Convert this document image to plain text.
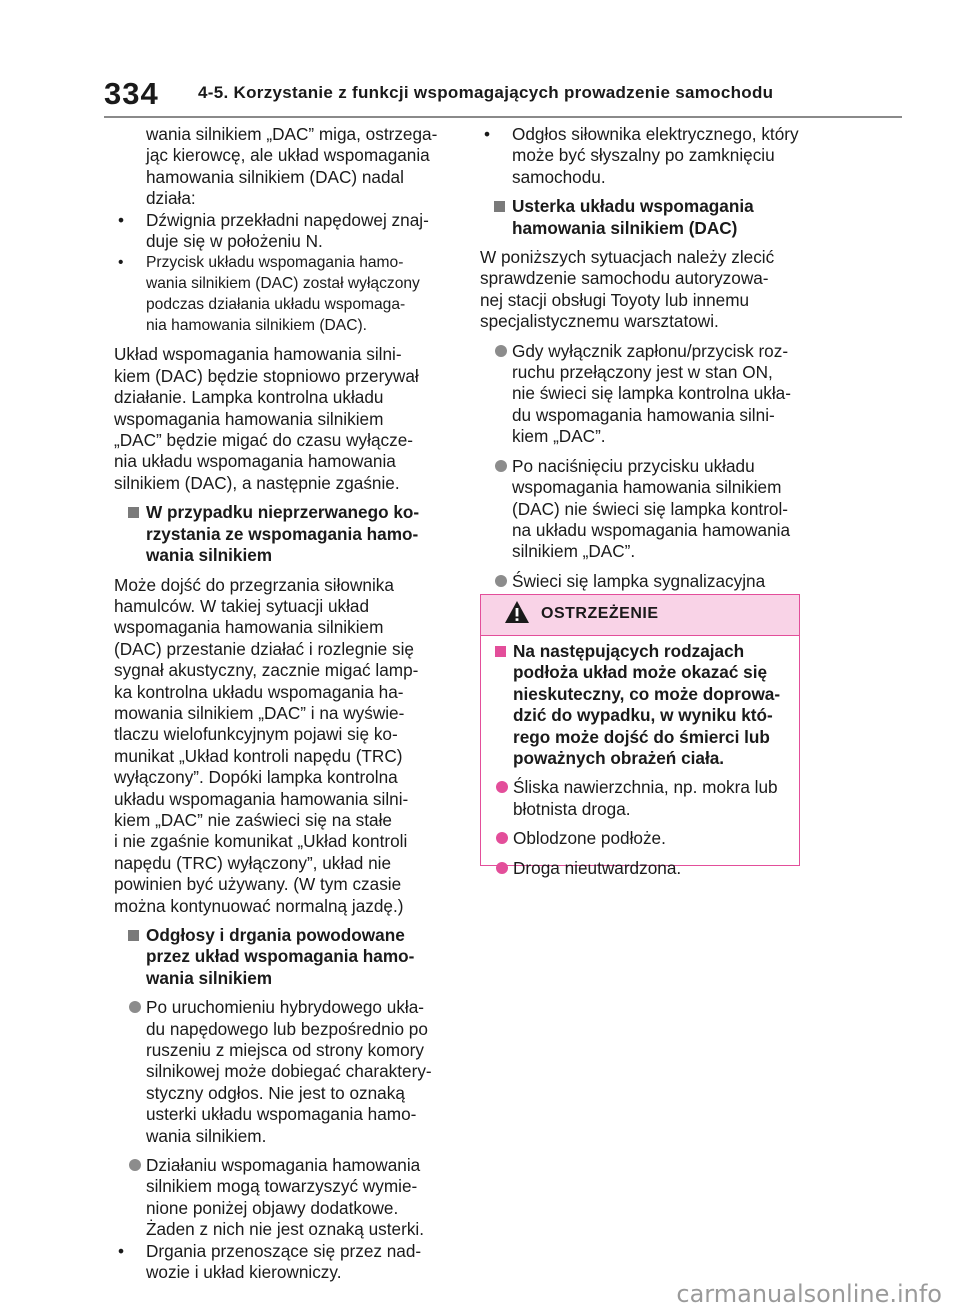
334 4-5. Korzystanie z funkcji wspomagających prowadzenie samochodu
wania silnikiem „DAC” miga, ostrzega-
jąc kierowcę, ale układ wspomagania
hamowania silnikiem (DAC) nadal
działa:
• Dźwignia przekładni napędowej znaj-
duje się w położeniu N.
• Przycisk układu wspomagania hamo-
wania silnikiem (DAC) został wyłączony
podczas działania układu wspomaga-
nia hamowania silnikiem (DAC).
Układ wspomagania hamowania silni-
kiem (DAC) będzie stopniowo przerywał
działanie. Lampka kontrolna układu
wspomagania hamowania silnikiem
„DAC” będzie migać do czasu wyłącze-
nia układu wspomagania hamowania
silnikiem (DAC), a następnie zgaśnie.
W przypadku nieprzerwanego ko-
rzystania ze wspomagania hamo-
wania silnikiem
Może dojść do przegrzania siłownika
hamulców. W takiej sytuacji układ
wspomagania hamowania silnikiem
(DAC) przestanie działać i rozlegnie się
sygnał akustyczny, zacznie migać lamp-
ka kontrolna układu wspomagania ha-
mowania silnikiem „DAC” i na wyświe-
tlaczu wielofunkcyjnym pojawi się ko-
munikat „Układ kontroli napędu (TRC)
wyłączony”. Dopóki lampka kontrolna
układu wspomagania hamowania silni-
kiem „DAC” nie zaświeci się na stałe
i nie zgaśnie komunikat „Układ kontroli
napędu (TRC) wyłączony”, układ nie
powinien być używany. (W tym czasie
można kontynuować normalną jazdę.)
Odgłosy i drgania powodowane
przez układ wspomagania hamo-
wania silnikiem
Po uruchomieniu hybrydowego ukła-
du napędowego lub bezpośrednio po
ruszeniu z miejsca od strony komory
silnikowej może dobiegać charaktery-
styczny odgłos. Nie jest to oznaką
usterki układu wspomagania hamo-
wania silnikiem.
Działaniu wspomagania hamowania
silnikiem mogą towarzyszyć wymie-
nione poniżej objawy dodatkowe.
Żaden z nich nie jest oznaką usterki.
• Drgania przenoszące się przez nad-
wozie i układ kierowniczy.
• Odgłos siłownika elektrycznego, który
może być słyszalny po zamknięciu
samochodu.
Usterka układu wspomagania
hamowania silnikiem (DAC)
W poniższych sytuacjach należy zlecić
sprawdzenie samochodu autoryzowa-
nej stacji obsługi Toyoty lub innemu
specjalistycznemu warsztatowi.
Gdy wyłącznik zapłonu/przycisk roz-
ruchu przełączony jest w stan ON,
nie świeci się lampka kontrolna ukła-
du wspomagania hamowania silni-
kiem „DAC”.
Po naciśnięciu przycisku układu
wspomagania hamowania silnikiem
(DAC) nie świeci się lampka kontrol-
na układu wspomagania hamowania
silnikiem „DAC”.
Świeci się lampka sygnalizacyjna
OSTRZEŻENIE
Na następujących rodzajach
podłoża układ może okazać się
nieskuteczny, co może doprowa-
dzić do wypadku, w wyniku któ-
rego może dojść do śmierci lub
poważnych obrażeń ciała.
Śliska nawierzchnia, np. mokra lub
błotnista droga.
Oblodzone podłoże.
Droga nieutwardzona.
carmanualsonline.info
